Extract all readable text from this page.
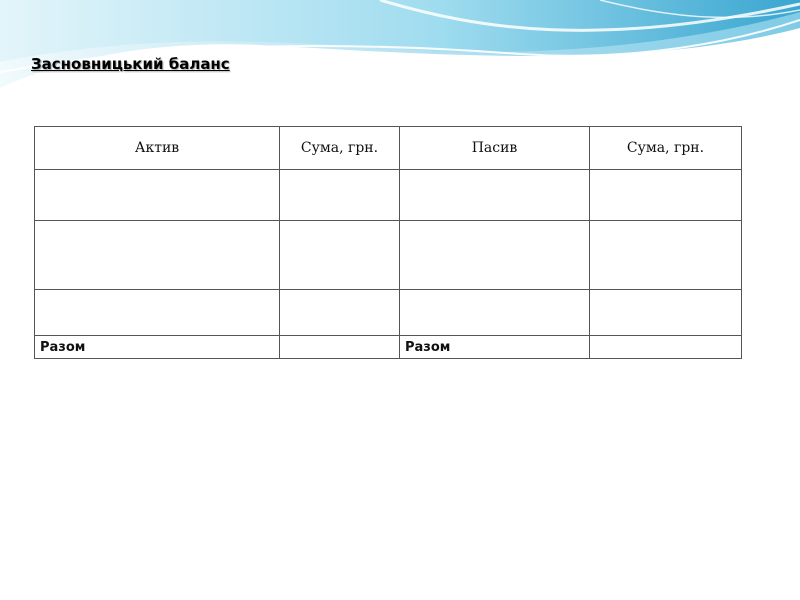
Засновницький баланс
Актив	Сума, грн.	Пасив	Сума, грн.

Разом		Разом	
